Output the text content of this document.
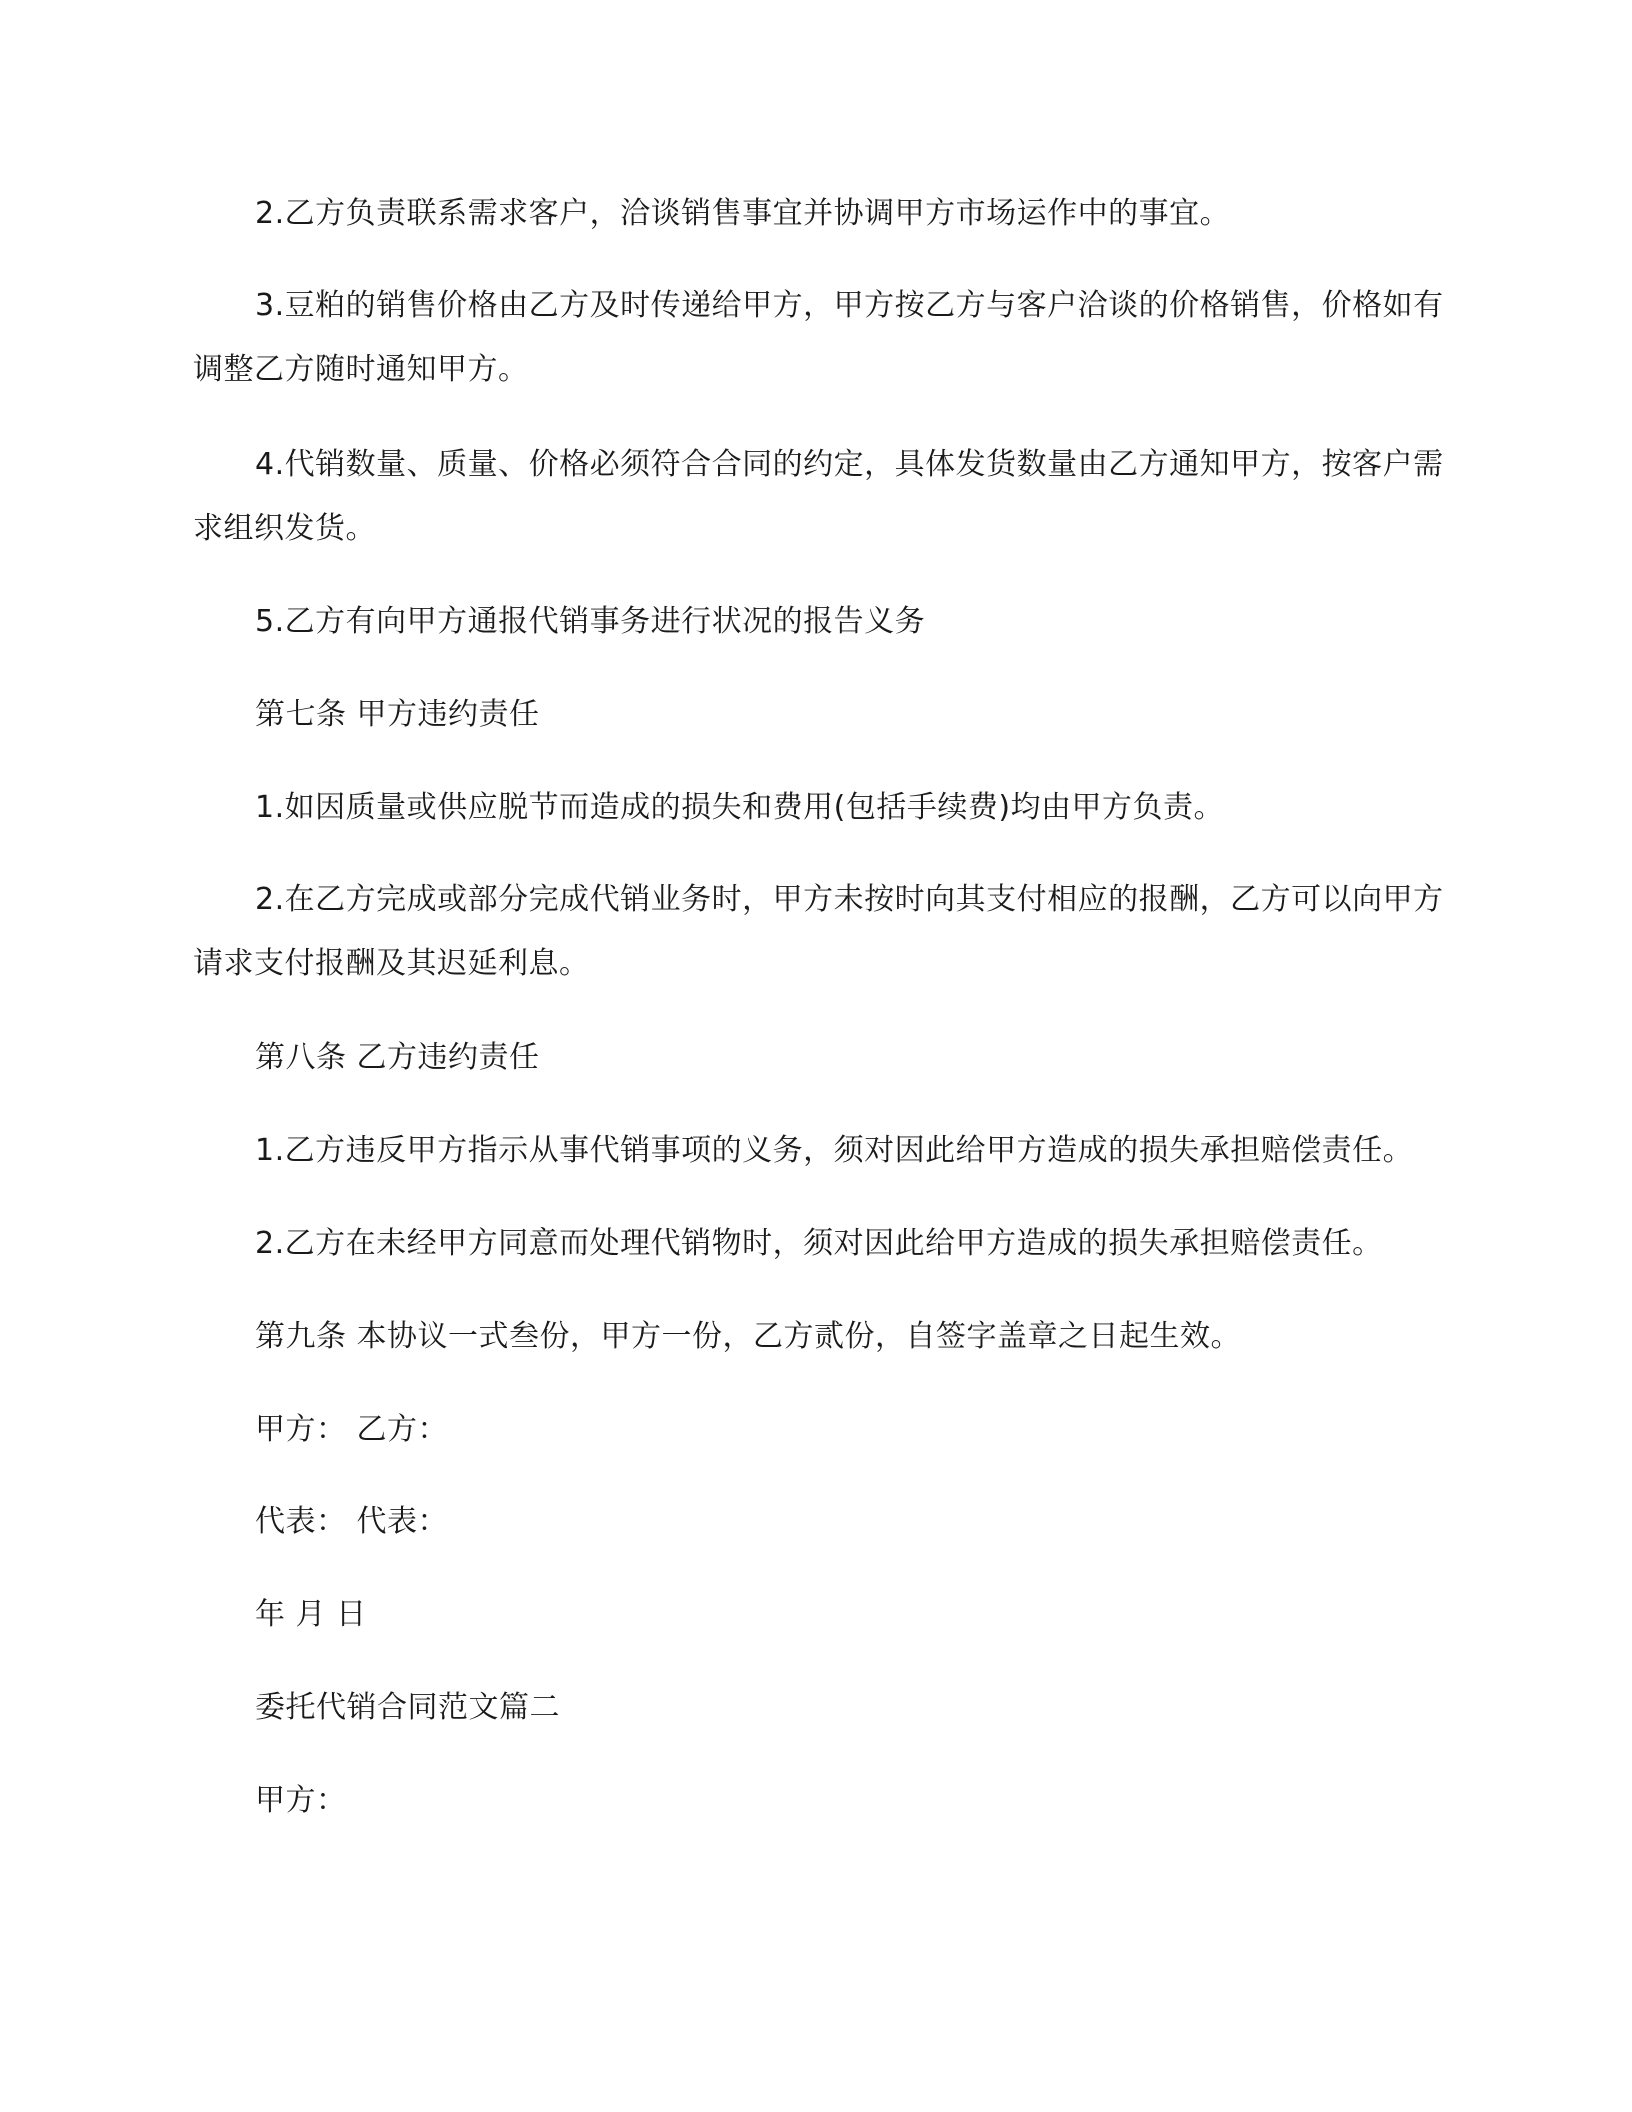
2.乙方负责联系需求客户，洽谈销售事宜并协调甲方市场运作中的事宜。

3.豆粕的销售价格由乙方及时传递给甲方，甲方按乙方与客户洽谈的价格销售，价格如有调整乙方随时通知甲方。

4.代销数量、质量、价格必须符合合同的约定，具体发货数量由乙方通知甲方，按客户需求组织发货。

5.乙方有向甲方通报代销事务进行状况的报告义务

第七条 甲方违约责任

1.如因质量或供应脱节而造成的损失和费用(包括手续费)均由甲方负责。

2.在乙方完成或部分完成代销业务时，甲方未按时向其支付相应的报酬，乙方可以向甲方请求支付报酬及其迟延利息。

第八条 乙方违约责任

1.乙方违反甲方指示从事代销事项的义务，须对因此给甲方造成的损失承担赔偿责任。

2.乙方在未经甲方同意而处理代销物时，须对因此给甲方造成的损失承担赔偿责任。

第九条 本协议一式叁份，甲方一份，乙方贰份，自签字盖章之日起生效。

甲方： 乙方：

代表： 代表：

年 月 日

委托代销合同范文篇二

甲方：
